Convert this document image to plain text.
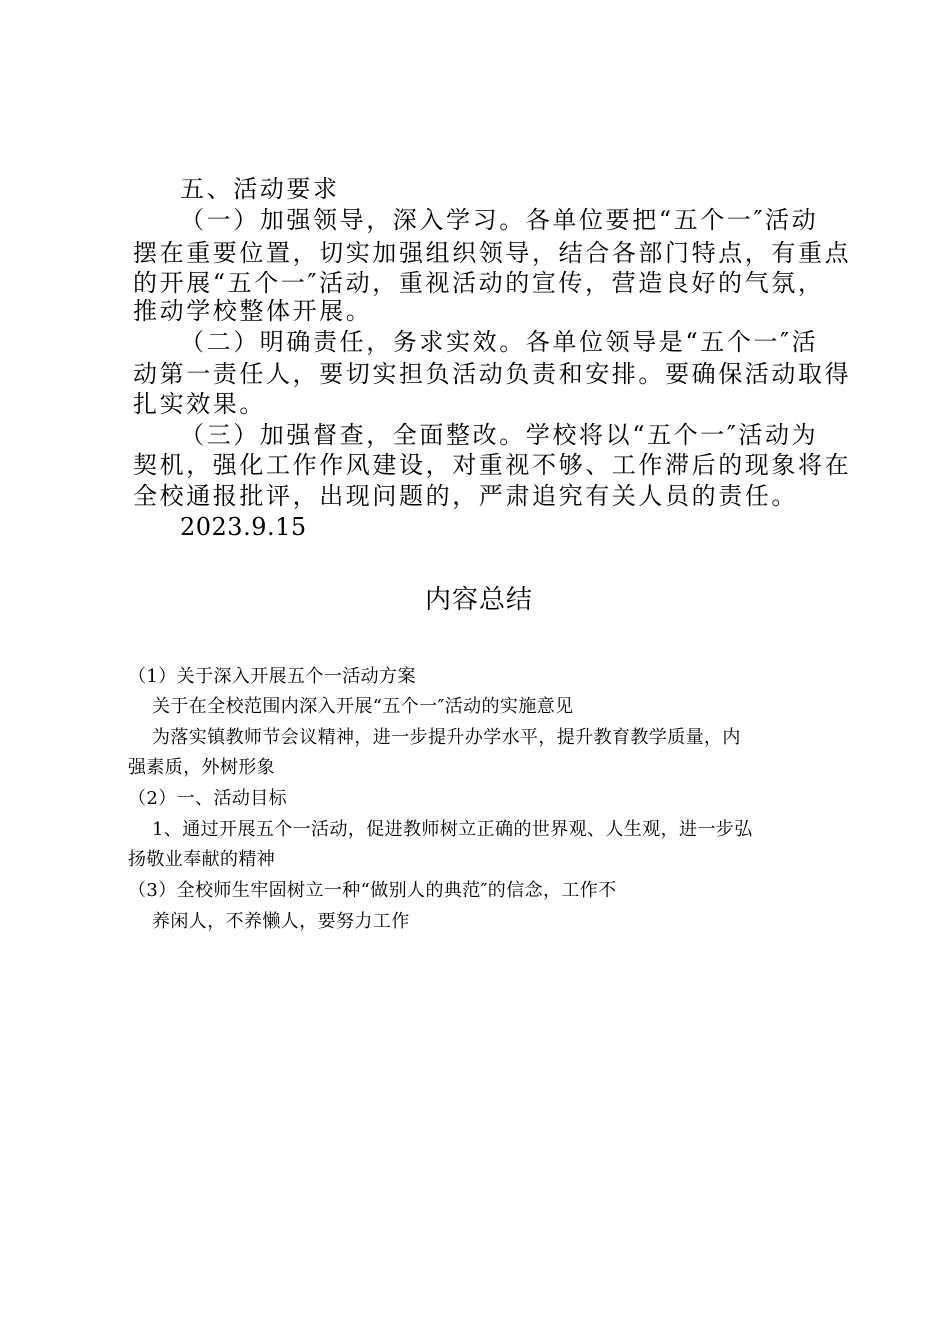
五、活动要求

（一）加强领导，深入学习。各单位要把“五个一″活动

摆在重要位置，切实加强组织领导，结合各部门特点，有重点

的开展“五个一″活动，重视活动的宣传，营造良好的气氛，

推动学校整体开展。

（二）明确责任，务求实效。各单位领导是“五个一″活

动第一责任人，要切实担负活动负责和安排。要确保活动取得

扎实效果。

（三）加强督查，全面整改。学校将以“五个一″活动为

契机，强化工作作风建设，对重视不够、工作滞后的现象将在

全校通报批评，出现问题的，严肃追究有关人员的责任。

2023.9.15

内容总结

（1）关于深入开展五个一活动方案

关于在全校范围内深入开展“五个一″活动的实施意见

为落实镇教师节会议精神，进一步提升办学水平，提升教育教学质量，内

强素质，外树形象

（2）一、活动目标

1、通过开展五个一活动，促进教师树立正确的世界观、人生观，进一步弘

扬敬业奉献的精神

（3）全校师生牢固树立一种“做别人的典范″的信念，工作不

养闲人，不养懒人，要努力工作
